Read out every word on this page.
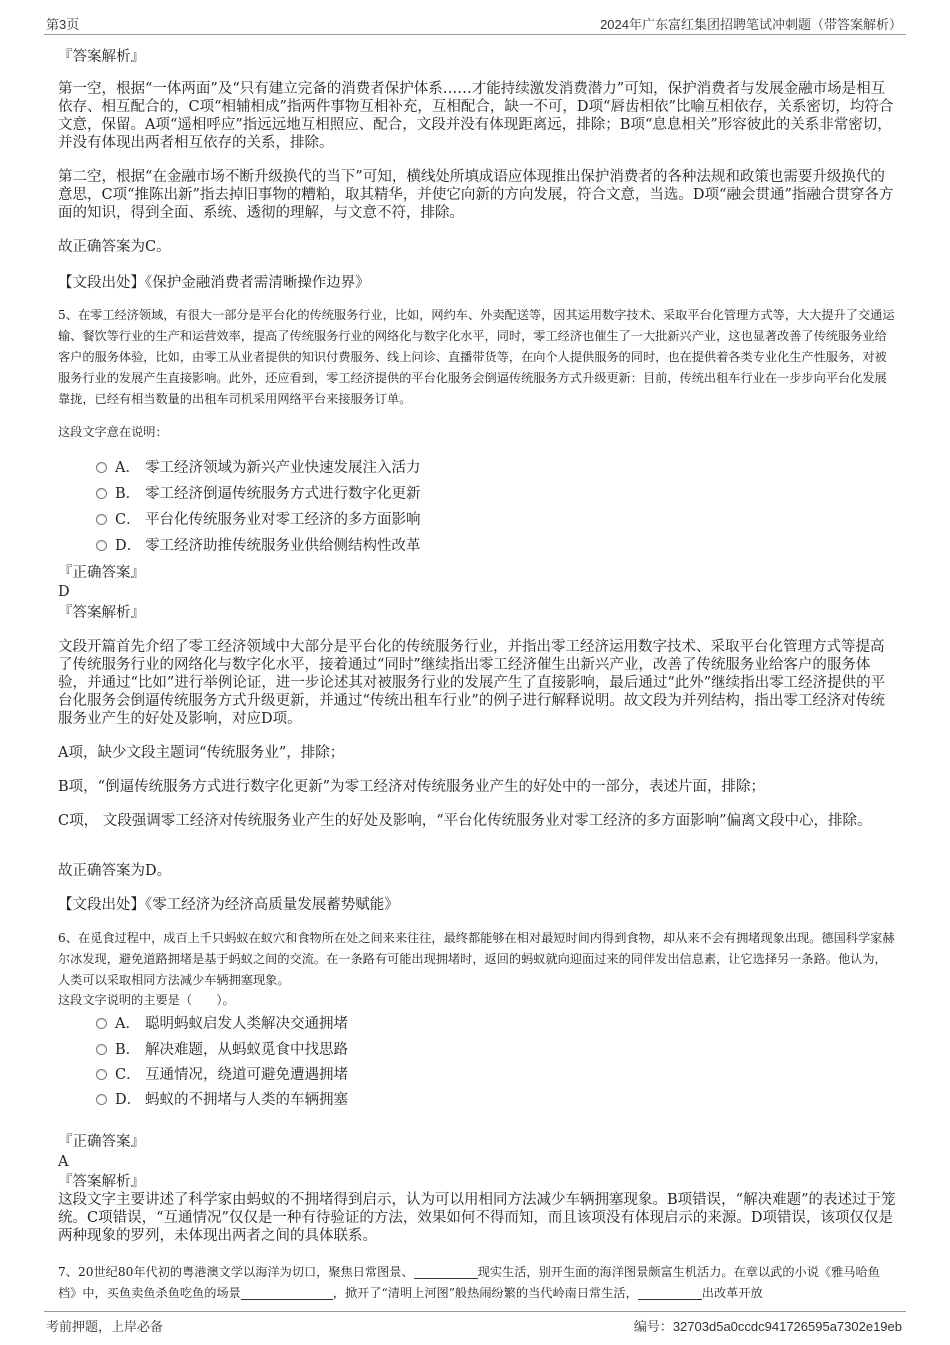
第3页	2024年广东富红集团招聘笔试冲刺题（带答案解析）
『答案解析』
第一空，根据“一体两面”及“只有建立完备的消费者保护体系……才能持续激发消费潜力”可知，保护消费者与发展金融市场是相互依存、相互配合的，C项“相辅相成”指两件事物互相补充，互相配合，缺一不可，D项“唇齿相依”比喻互相依存，关系密切，均符合文意，保留。A项“遥相呼应”指远远地互相照应、配合，文段并没有体现距离远，排除；B项“息息相关”形容彼此的关系非常密切，并没有体现出两者相互依存的关系，排除。
第二空，根据“在金融市场不断升级换代的当下”可知，横线处所填成语应体现推出保护消费者的各种法规和政策也需要升级换代的意思，C项“推陈出新”指去掉旧事物的糟粕，取其精华，并使它向新的方向发展，符合文意，当选。D项“融会贯通”指融合贯穿各方面的知识，得到全面、系统、透彻的理解，与文意不符，排除。
故正确答案为C。
【文段出处】《保护金融消费者需清晰操作边界》
5、在零工经济领域，有很大一部分是平台化的传统服务行业，比如，网约车、外卖配送等，因其运用数字技术、采取平台化管理方式等，大大提升了交通运输、餐饮等行业的生产和运营效率，提高了传统服务行业的网络化与数字化水平，同时，零工经济也催生了一大批新兴产业，这也显著改善了传统服务业给客户的服务体验，比如，由零工从业者提供的知识付费服务、线上问诊、直播带货等，在向个人提供服务的同时，也在提供着各类专业化生产性服务，对被服务行业的发展产生直接影响。此外，还应看到，零工经济提供的平台化服务会倒逼传统服务方式升级更新：目前，传统出租车行业在一步步向平台化发展靠拢，已经有相当数量的出租车司机采用网络平台来接服务订单。
这段文字意在说明：
A． 零工经济领域为新兴产业快速发展注入活力
B． 零工经济倒逼传统服务方式进行数字化更新
C． 平台化传统服务业对零工经济的多方面影响
D． 零工经济助推传统服务业供给侧结构性改革
『正确答案』
D
『答案解析』
文段开篇首先介绍了零工经济领域中大部分是平台化的传统服务行业，并指出零工经济运用数字技术、采取平台化管理方式等提高了传统服务行业的网络化与数字化水平，接着通过“同时”继续指出零工经济催生出新兴产业，改善了传统服务业给客户的服务体验，并通过“比如”进行举例论证，进一步论述其对被服务行业的发展产生了直接影响，最后通过“此外”继续指出零工经济提供的平台化服务会倒逼传统服务方式升级更新，并通过“传统出租车行业”的例子进行解释说明。故文段为并列结构，指出零工经济对传统服务业产生的好处及影响，对应D项。
A项，缺少文段主题词“传统服务业”，排除；
B项，“倒逼传统服务方式进行数字化更新”为零工经济对传统服务业产生的好处中的一部分，表述片面，排除；
C项， 文段强调零工经济对传统服务业产生的好处及影响，“平台化传统服务业对零工经济的多方面影响”偏离文段中心，排除。
故正确答案为D。
【文段出处】《零工经济为经济高质量发展蓄势赋能》
6、在觅食过程中，成百上千只蚂蚁在蚁穴和食物所在处之间来来往往，最终都能够在相对最短时间内得到食物，却从来不会有拥堵现象出现。德国科学家赫尔冰发现，避免道路拥堵是基于蚂蚁之间的交流。在一条路有可能出现拥堵时，返回的蚂蚁就向迎面过来的同伴发出信息素，让它选择另一条路。他认为，人类可以采取相同方法减少车辆拥塞现象。
这段文字说明的主要是（　　）。
A． 聪明蚂蚁启发人类解决交通拥堵
B． 解决难题，从蚂蚁觅食中找思路
C． 互通情况，绕道可避免遭遇拥堵
D． 蚂蚁的不拥堵与人类的车辆拥塞
『正确答案』
A
『答案解析』
这段文字主要讲述了科学家由蚂蚁的不拥堵得到启示，认为可以用相同方法减少车辆拥塞现象。B项错误，“解决难题”的表述过于笼统。C项错误，“互通情况”仅仅是一种有待验证的方法，效果如何不得而知，而且该项没有体现启示的来源。D项错误，该项仅仅是两种现象的罗列，未体现出两者之间的具体联系。
7、20世纪80年代初的粤港澳文学以海洋为切口，聚焦日常图景、	现实生活，别开生面的海洋图景颇富生机活力。在章以武的小说《雅马哈鱼档》中，买鱼卖鱼杀鱼吃鱼的场景	，掀开了“清明上河图”般热闹纷繁的当代岭南日常生活，	出改革开放
考前押题，上岸必备	编号：32703d5a0ccdc941726595a7302e19eb
